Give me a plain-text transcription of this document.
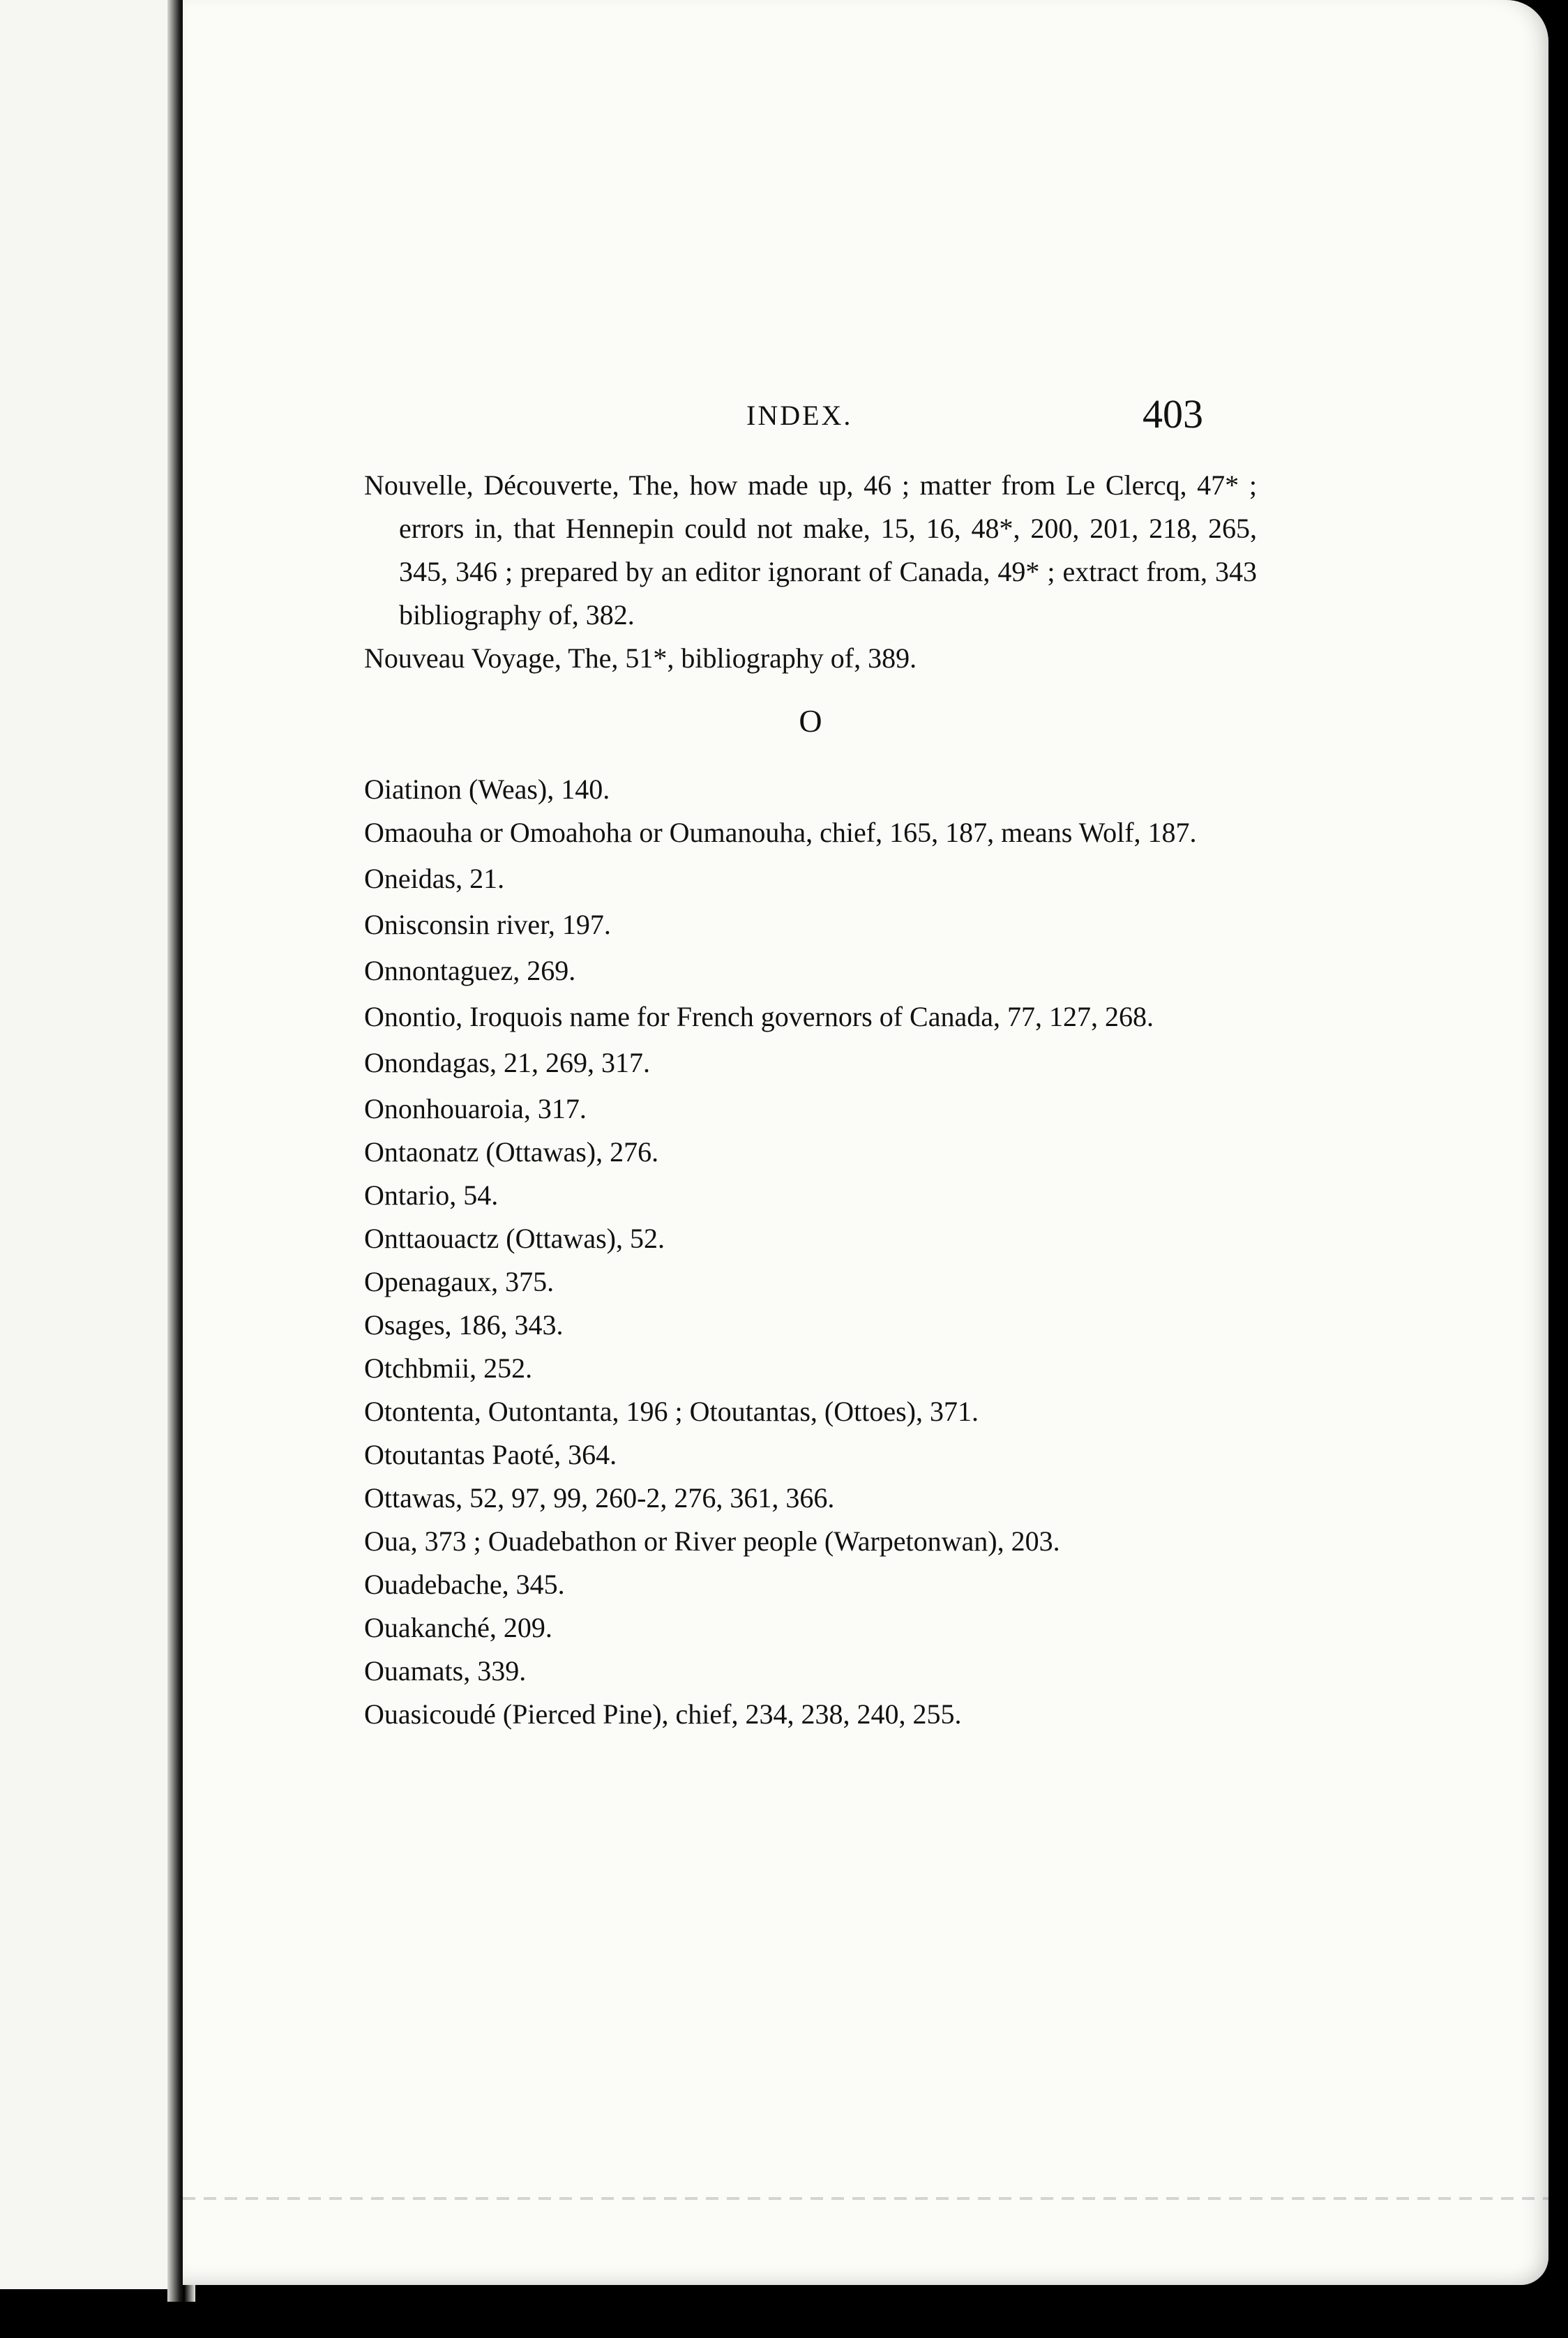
INDEX.	403

Nouvelle, Découverte, The, how made up, 46 ; matter from Le Clercq, 47* ; errors in, that Hennepin could not make, 15, 16, 48*, 200, 201, 218, 265, 345, 346 ; prepared by an editor ignorant of Canada, 49* ; extract from, 343 bibliography of, 382.

Nouveau Voyage, The, 51*, bibliography of, 389.

O

Oiatinon (Weas), 140.

Omaouha or Omoahoha or Oumanouha, chief, 165, 187, means Wolf, 187.

Oneidas, 21.

Onisconsin river, 197.

Onnontaguez, 269.

Onontio, Iroquois name for French governors of Canada, 77, 127, 268.

Onondagas, 21, 269, 317.

Ononhouaroia, 317.

Ontaonatz (Ottawas), 276.

Ontario, 54.

Onttaouactz (Ottawas), 52.

Openagaux, 375.

Osages, 186, 343.

Otchbmii, 252.

Otontenta, Outontanta, 196 ; Otoutantas, (Ottoes), 371.

Otoutantas Paoté, 364.

Ottawas, 52, 97, 99, 260-2, 276, 361, 366.

Oua, 373 ; Ouadebathon or River people (Warpetonwan), 203.

Ouadebache, 345.

Ouakanché, 209.

Ouamats, 339.

Ouasicoudé (Pierced Pine), chief, 234, 238, 240, 255.
